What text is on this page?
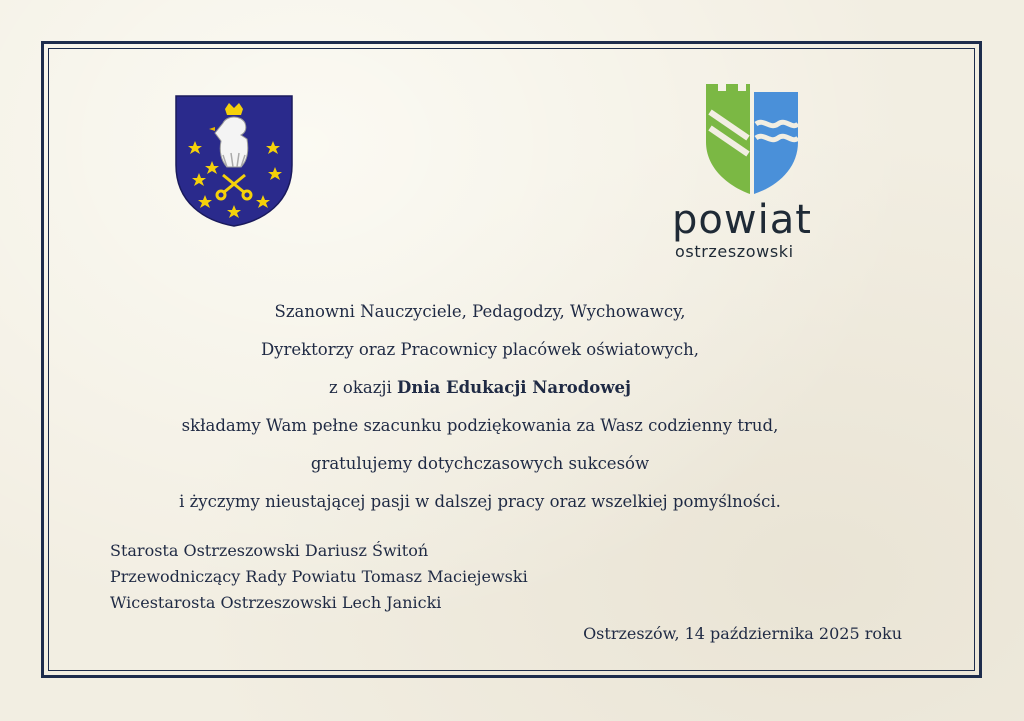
powiat
ostrzeszowski
Szanowni Nauczyciele, Pedagodzy, Wychowawcy,
Dyrektorzy oraz Pracownicy placówek oświatowych,
z okazji Dnia Edukacji Narodowej
składamy Wam pełne szacunku podziękowania za Wasz codzienny trud,
gratulujemy dotychczasowych sukcesów
i życzymy nieustającej pasji w dalszej pracy oraz wszelkiej pomyślności.
Starosta Ostrzeszowski Dariusz Świtoń
Przewodniczący Rady Powiatu Tomasz Maciejewski
Wicestarosta Ostrzeszowski Lech Janicki
Ostrzeszów, 14 października 2025 roku
